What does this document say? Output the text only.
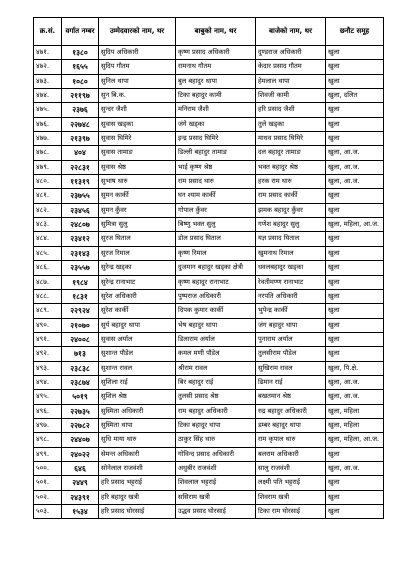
क्र.सं.	वर्गात नम्बर	उम्मेदवारको नाम, थर	बाबुको नाम, थर	बाजेको नाम, थर	छनौट समूह
४७१.	१३८०	सुदिप अधिकारी	कृष्ण प्रसाद अधिकारी	दुण्डराज अधिकारी	खुला
४७२.	१६५५	सुदिप गौतम	रामनाथ गौतम	केदार प्रसाद गौतम	खुला
४७३.	१०८०	सुनिल थापा	बुल बहादुर थापा	हेमलाल थापा	खुला
४७४.	२११९७	सुन बि.क.	टिका बहादुर कामी	शिवजी कामी	खुला, दलित
४७५.	२३७६	सुन्दर जैशी	मनिराम जैशी	हरि प्रसाद जैशी	खुला
४७६.	२२७४८	सुवास खड्का	जंगे खड्का	तुले खड्का	खुला
४७७.	२१३९७	सुवास घिमिरे	इन्द्र प्रसाद घिमिरे	माधव प्रसाद घिमिरे	खुला
४७८.	४०४	सुवास तामाङ	डिल्ली बहादुर तामाङ	दल बहादुर तामाङ	खुला, आ.ज.
४७९.	२२८३१	सुवास श्रेष्ठ	भाई कृष्ण श्रेष्ठ	भक्त बहादुर श्रेष्ठ	खुला, आ.ज.
४८०.	११३१९	सुभाष थारु	राम प्रसाद थारु	हरक राम थारु	खुला, आ.ज.
४८१.	२३७५५	सुमन कार्की	घन श्याम कार्की	राम प्रसाद कार्की	खुला
४८२.	२३४५६	सुमन कुँवर	गोपाल कुँवर	झमक बहादुर कुँवर	खुला
४८३.	२४८०७	सुमित्रा सुलु	बिष्णु भक्त सुलु	गणेश बहादुर सुलु	खुला, महिला, आ.ज.
४८४.	२३४१२	सुरज घिताल	डोल प्रसाद घिताल	यज्ञ प्रसाद घिताल	खुला
४८५.	२३१४३	सुरज रिमाल	कृष्ण रिमाल	खुमनाथ रिमाल	खुला
४८६.	२३५५७	सुरेन्द्र खड्का	दुजमान बहादुर खड्का क्षेत्री	धवलबहादुर खड्का	खुला
४८७.	१९८४	सुरेन्द्र रानाभाट	कृष्ण बहादुर रानाभाट	रेवतीमण्ण रानाभाट	खुला
४८८.	१८३१	सुरेश अधिकारी	पुष्पराज अधिकारी	नरपति अधिकारी	खुला
४८९.	२२९२४	सुरेश कार्की	दिपक कुमार कार्की	भुपेन्द्र कार्की	खुला
४९०.	२१०७०	सुर्य बहादुर थापा	भेष बहादुर थापा	जंग बहादुर थापा	खुला
४९१.	२४००८	सुवास अर्याल	डिलाराम अर्याल	पुनाराम अर्याल	खुला
४९२.	७१३	सुशान्त पौडेल	कमल मणी पौडेल	तुलसीराम पौडेल	खुला
४९३.	२३८३८	सुशान्त रावल	श्रीराम रावल	सुखिराम रावल	खुला, पि.क्षे.
४९४.	२३८७४	सुशिला राई	बिर बहादुर राई	ढिमान राई	खुला, आ.ज.
४९५.	५०१९	सुशिल श्रेष्ठ	तुलसी प्रसाद श्रेष्ठ	बखतमान श्रेष्ठ	खुला, आ.ज.
४९६.	२२७३५	सुस्मिता अधिकारी	राम बहादुर अधिकारी	रुद्र बहादुर अधिकारी	खुला, महिला
४९७.	२२७८२	सुस्मिता थापा	टिका बहादुर थापा	डम्बर बहादुर थापा	खुला, महिला
४९८.	२४४०७	सुधि माया थारु	ठाकुर सिंह थारु	राम कृपाल थारु	खुला, महिला, आ.ज.
४९९.	२४०२२	सेमन्त अधिकारी	गोविन्द प्रसाद अधिकारी	बलराम अधिकारी	खुला
५००.	६४६	सोनेलाल राजवंशी	अधुबीर राजवंशी	सालु राजवंशी	खुला, आ.ज.
५०१.	२४४९	हरि प्रसाद भट्टराई	शिवलाल भट्टराई	लक्ष्मी पति भट्टराई	खुला
५०२.	२४३९१	हरि बहादुर खत्री	ससिराम खत्री	शिवराम खत्री	खुला
५०३.	१५३४	हरि प्रसाद घोरसाई	उद्धव प्रसाद घोरसाई	टिका राम घोरसाई	खुला
